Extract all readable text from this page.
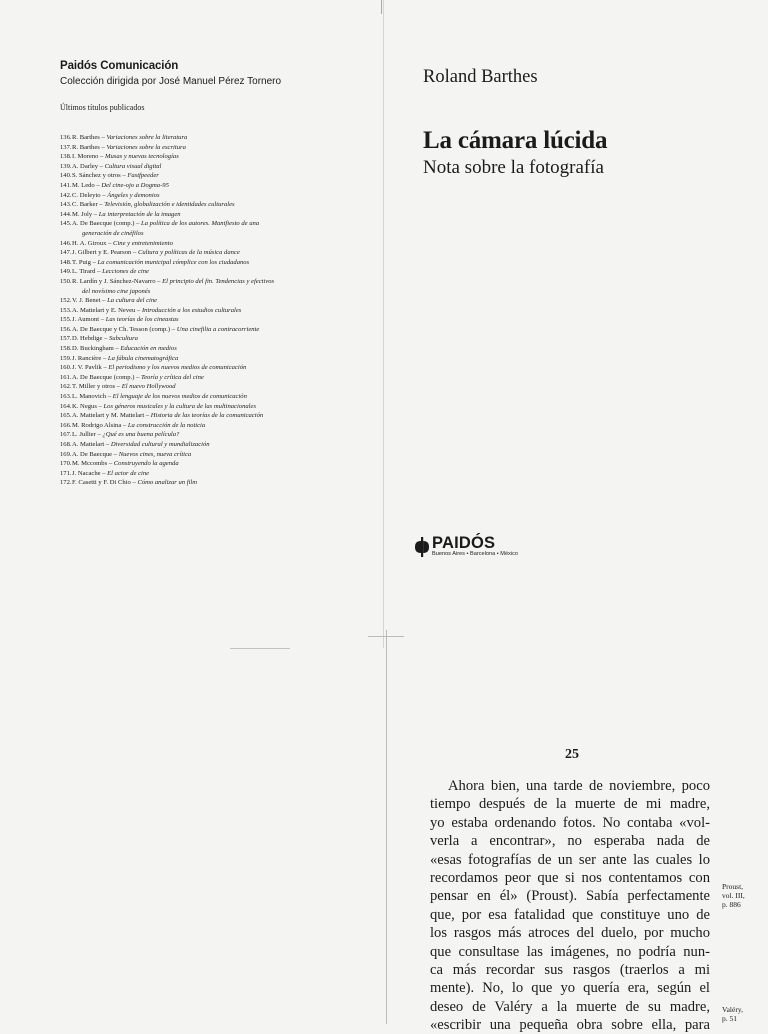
Paidós Comunicación
Colección dirigida por José Manuel Pérez Tornero
Últimos títulos publicados
136. R. Barthes – Variaciones sobre la literatura
137. R. Barthes – Variaciones sobre la escritura
138. I. Moreno – Musas y nuevas tecnologías
139. A. Darley – Cultura visual digital
140. S. Sánchez y otros – Fastfpeeder
141. M. Ledo – Del cine-ojo a Dogma-95
142. C. Deleyto – Ángeles y demonios
143. C. Barker – Televisión, globalización e identidades culturales
144. M. Joly – La interpretación de la imagen
145. A. De Baecque (comp.) – La política de los autores. Manifiesto de una
generación de cinéfilos
146. H. A. Giroux – Cine y entretenimiento
147. J. Gilbert y E. Pearson – Cultura y políticas de la música dance
148. T. Puig – La comunicación municipal cómplice con los ciudadanos
149. L. Tirard – Lecciones de cine
150. R. Lardín y J. Sánchez-Navarro – El principio del fin. Tendencias y efectivos
del novísimo cine japonés
152. V. J. Benet – La cultura del cine
153. A. Mattelart y E. Neveu – Introducción a los estudios culturales
155. J. Aumont – Las teorías de los cineastas
156. A. De Baecque y Ch. Tesson (comp.) – Una cinefilia a contracorriente
157. D. Hebdige – Subcultura
158. D. Buckingham – Educación en medios
159. J. Rancière – La fábula cinematográfica
160. J. V. Pavlik – El periodismo y los nuevos medios de comunicación
161. A. De Baecque (comp.) – Teoría y crítica del cine
162. T. Miller y otros – El nuevo Hollywood
163. L. Manovich – El lenguaje de los nuevos medios de comunicación
164. K. Negus – Los géneros musicales y la cultura de las multinacionales
165. A. Mattelart y M. Mattelart – Historia de las teorías de la comunicación
166. M. Rodrigo Alsina – La construcción de la noticia
167. L. Jullier – ¿Qué es una buena película?
168. A. Mattelart – Diversidad cultural y mundialización
169. A. De Baecque – Nuevos cines, nueva crítica
170. M. Mccombs – Construyendo la agenda
171. J. Nacache – El actor de cine
172. F. Casetti y F. Di Chio – Cómo analizar un film
Roland Barthes
La cámara lúcida
Nota sobre la fotografía
PAIDÓS
Buenos Aires • Barcelona • México
25
Ahora bien, una tarde de noviembre, poco
tiempo después de la muerte de mi madre,
yo estaba ordenando fotos. No contaba «vol-
verla a encontrar», no esperaba nada de
«esas fotografías de un ser ante las cuales lo
recordamos peor que si nos contentamos con
pensar en él» (Proust). Sabía perfectamente
que, por esa fatalidad que constituye uno de
los rasgos más atroces del duelo, por mucho
que consultase las imágenes, no podría nun-
ca más recordar sus rasgos (traerlos a mi
mente). No, lo que yo quería era, según el
deseo de Valéry a la muerte de su madre,
«escribir una pequeña obra sobre ella, para
Proust,
vol. III,
p. 886
Valéry,
p. 51
